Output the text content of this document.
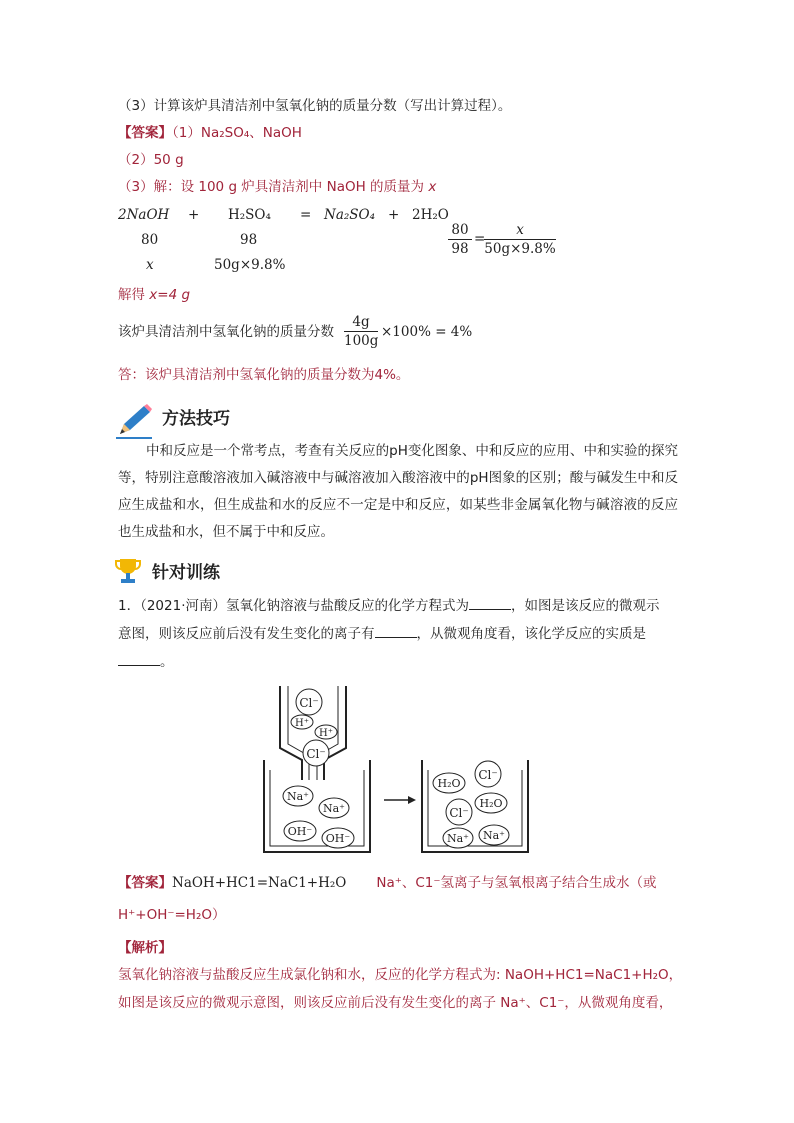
（3）计算该炉具清洁剂中氢氧化钠的质量分数（写出计算过程）。
【答案】（1）Na₂SO₄、NaOH
（2）50 g
（3）解：设 100 g 炉具清洁剂中 NaOH 的质量为 x
2NaOH + H₂SO₄ = Na₂SO₄ + 2H₂O
80	98
x	50g×9.8%
$\frac{80}{98}$ =
$\frac{x}{50g\times 9.8\%}$
解得 x=4 g
该炉具清洁剂中氢氧化钠的质量分数 $\frac{4g}{100g} \times 100\% = 4\%$
答：该炉具清洁剂中氢氧化钠的质量分数为4%。
方法技巧
中和反应是一个常考点，考查有关反应的pH变化图象、中和反应的应用、中和实验的探究等，特别注意酸溶液加入碱溶液中与碱溶液加入酸溶液中的pH图象的区别；酸与碱发生中和反应生成盐和水，但生成盐和水的反应不一定是中和反应，如某些非金属氧化物与碱溶液的反应也生成盐和水，但不属于中和反应。
针对训练
1．（2021·河南）氢氧化钠溶液与盐酸反应的化学方程式为	，如图是该反应的微观示
意图，则该反应前后没有发生变化的离子有	，从微观角度看，该化学反应的实质是
。
Cl⁻
H⁺
H⁺
Cl⁻
Na⁺
Na⁺
OH⁻
OH⁻
H₂O
Cl⁻
Cl⁻
H₂O
Na⁺ Na⁺
【答案】NaOH+HC1=NaC1+H₂O Na⁺、C1⁻氢离子与氢氧根离子结合生成水（或
H⁺+OH⁻=H₂O）
【解析】
氢氧化钠溶液与盐酸反应生成氯化钠和水，反应的化学方程式为: NaOH+HC1=NaC1+H₂O，
如图是该反应的微观示意图，则该反应前后没有发生变化的离子 Na⁺、C1⁻，从微观角度看，
